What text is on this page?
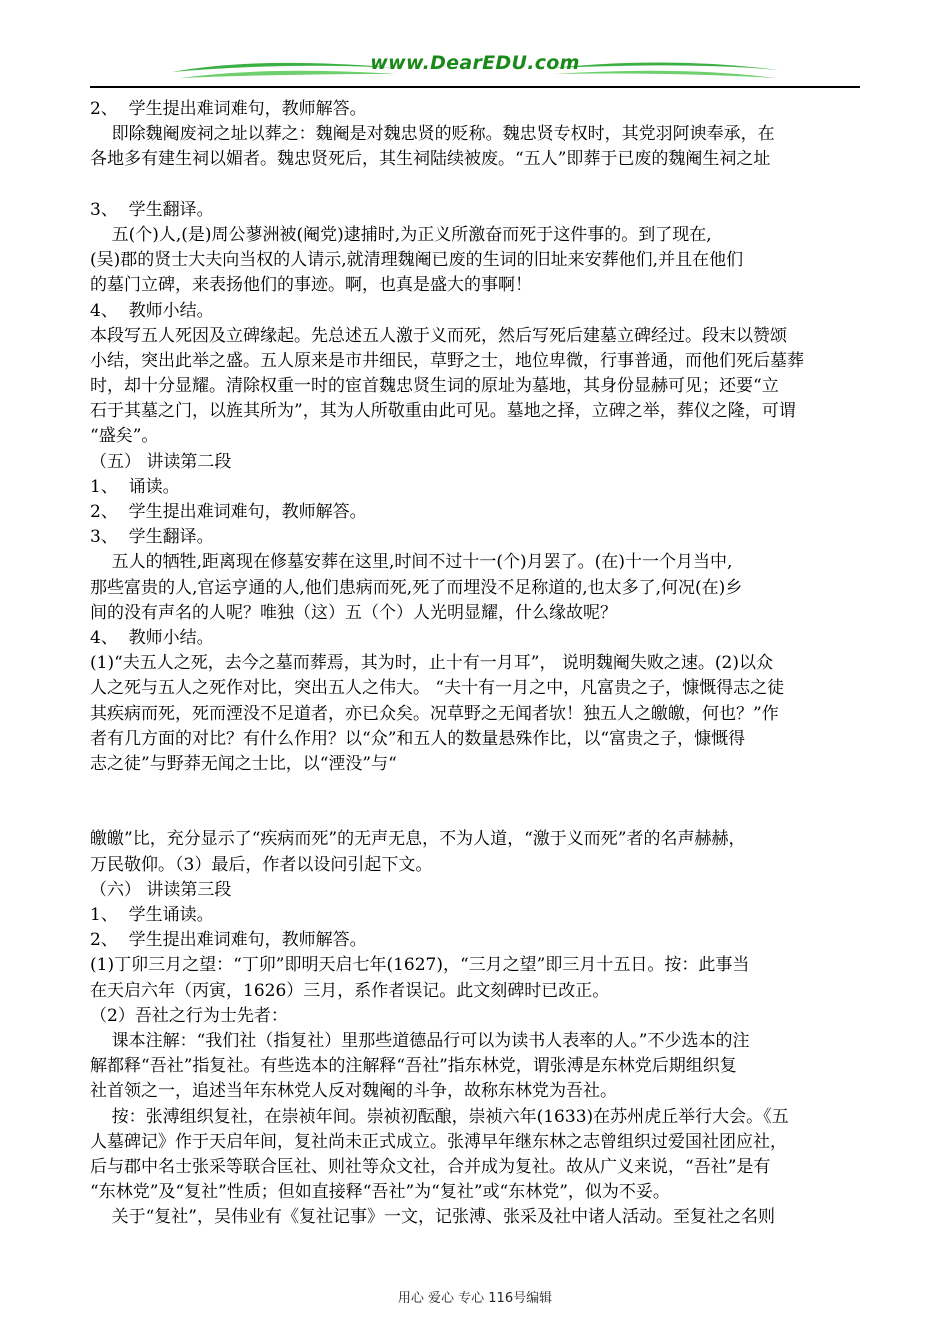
www.DearEDU.com
2、  学生提出难词难句，教师解答。
即除魏阉废祠之址以葬之：魏阉是对魏忠贤的贬称。魏忠贤专权时，其党羽阿谀奉承，在
各地多有建生祠以媚者。魏忠贤死后，其生祠陆续被废。“五人”即葬于已废的魏阉生祠之址
3、  学生翻译。
五(个)人,(是)周公蓼洲被(阉党)逮捕时,为正义所激奋而死于这件事的。到了现在,
(吴)郡的贤士大夫向当权的人请示,就清理魏阉已废的生词的旧址来安葬他们,并且在他们
的墓门立碑，来表扬他们的事迹。啊，也真是盛大的事啊！
4、  教师小结。
本段写五人死因及立碑缘起。先总述五人激于义而死，然后写死后建墓立碑经过。段末以赞颂
小结，突出此举之盛。五人原来是市井细民，草野之士，地位卑微，行事普通，而他们死后墓葬
时，却十分显耀。清除权重一时的宦首魏忠贤生词的原址为墓地，其身份显赫可见；还要“立
石于其墓之门，以旌其所为”，其为人所敬重由此可见。墓地之择，立碑之举，葬仪之隆，可谓
“盛矣”。
（五） 讲读第二段
1、  诵读。
2、  学生提出难词难句，教师解答。
3、  学生翻译。
五人的牺牲,距离现在修墓安葬在这里,时间不过十一(个)月罢了。(在)十一个月当中,
那些富贵的人,官运亨通的人,他们患病而死,死了而埋没不足称道的,也太多了,何况(在)乡
间的没有声名的人呢？唯独（这）五（个）人光明显耀，什么缘故呢？
4、  教师小结。
(1)“夫五人之死，去今之墓而葬焉，其为时，止十有一月耳”， 说明魏阉失败之速。(2)以众
人之死与五人之死作对比，突出五人之伟大。 “夫十有一月之中，凡富贵之子，慷慨得志之徒
其疾病而死，死而湮没不足道者，亦已众矣。况草野之无闻者欤！独五人之皦皦，何也？”作
者有几方面的对比？有什么作用？以“众”和五人的数量悬殊作比，以“富贵之子，慷慨得
志之徒”与野莽无闻之士比，以“湮没”与“
皦皦”比，充分显示了“疾病而死”的无声无息，不为人道，“激于义而死”者的名声赫赫，
万民敬仰。（3）最后，作者以设问引起下文。
（六） 讲读第三段
1、  学生诵读。
2、  学生提出难词难句，教师解答。
(1)丁卯三月之望：“丁卯”即明天启七年(1627)，“三月之望”即三月十五日。按：此事当
在天启六年（丙寅，1626）三月，系作者误记。此文刻碑时已改正。
（2）吾社之行为士先者：
课本注解：“我们社（指复社）里那些道德品行可以为读书人表率的人。”不少选本的注
解都释“吾社”指复社。有些选本的注解释“吾社”指东林党，谓张溥是东林党后期组织复
社首领之一，追述当年东林党人反对魏阉的斗争，故称东林党为吾社。
按：张溥组织复社，在崇祯年间。崇祯初酝酿，崇祯六年(1633)在苏州虎丘举行大会。《五
人墓碑记》作于天启年间，复社尚未正式成立。张溥早年继东林之志曾组织过爱国社团应社，
后与郡中名士张采等联合匡社、则社等众文社，合并成为复社。故从广义来说，“吾社”是有
“东林党”及“复社”性质；但如直接释“吾社”为“复社”或“东林党”，似为不妥。
关于“复社”，吴伟业有《复社记事》一文，记张溥、张采及社中诸人活动。至复社之名则
用心 爱心 专心 116号编辑
